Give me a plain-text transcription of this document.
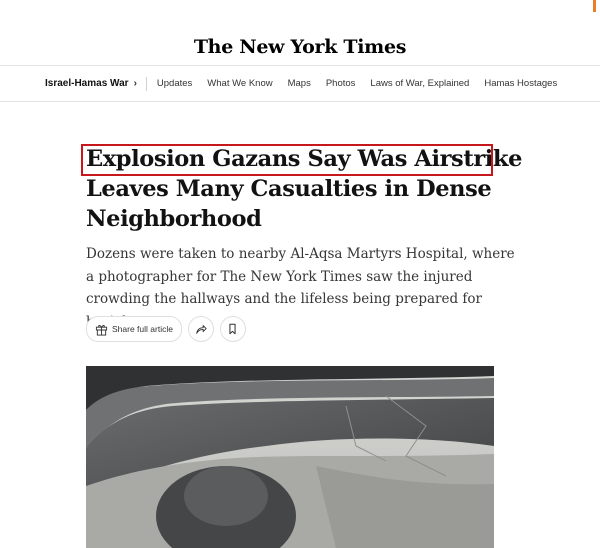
The New York Times
Israel-Hamas War › Updates What We Know Maps Photos Laws of War, Explained Hamas Hostages
Explosion Gazans Say Was Airstrike Leaves Many Casualties in Dense Neighborhood

Dozens were taken to nearby Al-Aqsa Martyrs Hospital, where a photographer for The New York Times saw the injured crowding the hallways and the lifeless being prepared for

Share full article
